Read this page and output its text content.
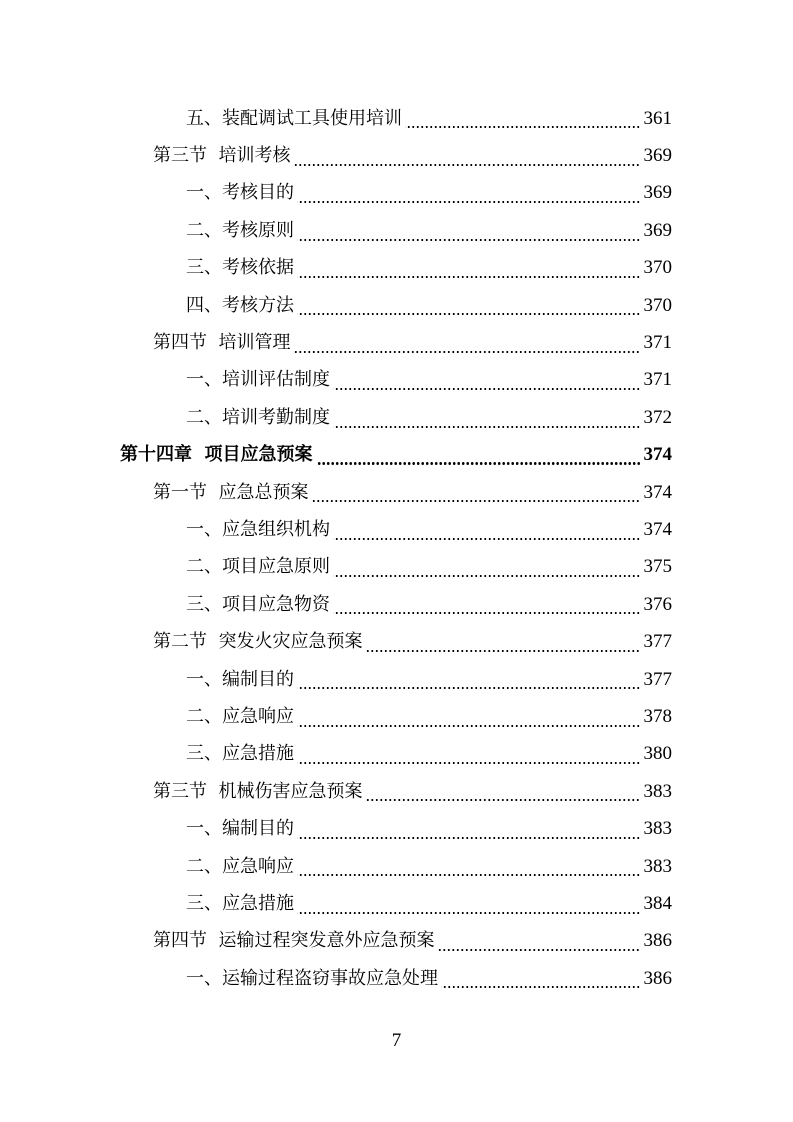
五、装配调试工具使用培训	361
第三节  培训考核	369
一、考核目的	369
二、考核原则	369
三、考核依据	370
四、考核方法	370
第四节  培训管理	371
一、培训评估制度	371
二、培训考勤制度	372
第十四章  项目应急预案	374
第一节  应急总预案	374
一、应急组织机构	374
二、项目应急原则	375
三、项目应急物资	376
第二节  突发火灾应急预案	377
一、编制目的	377
二、应急响应	378
三、应急措施	380
第三节  机械伤害应急预案	383
一、编制目的	383
二、应急响应	383
三、应急措施	384
第四节  运输过程突发意外应急预案	386
一、运输过程盗窃事故应急处理	386
7
